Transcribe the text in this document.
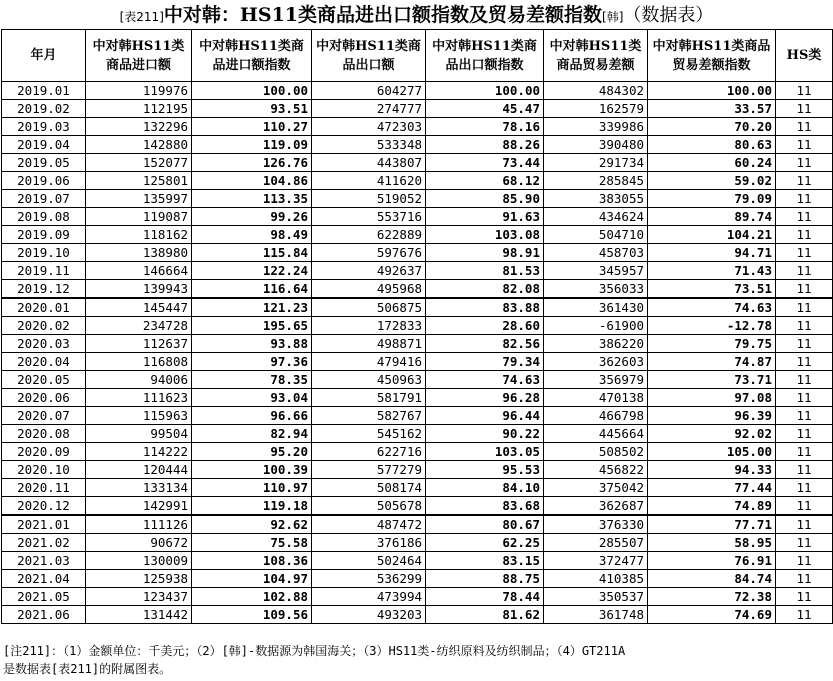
[表211]中对韩：HS11类商品进出口额指数及贸易差额指数[韩]（数据表）
年月	中对韩HS11类商品进口额	中对韩HS11类商品进口额指数	中对韩HS11类商品出口额	中对韩HS11类商品出口额指数	中对韩HS11类商品贸易差额	中对韩HS11类商品贸易差额指数	HS类
2019.01	119976	100.00	604277	100.00	484302	100.00	11
2019.02	112195	93.51	274777	45.47	162579	33.57	11
2019.03	132296	110.27	472303	78.16	339986	70.20	11
2019.04	142880	119.09	533348	88.26	390480	80.63	11
2019.05	152077	126.76	443807	73.44	291734	60.24	11
2019.06	125801	104.86	411620	68.12	285845	59.02	11
2019.07	135997	113.35	519052	85.90	383055	79.09	11
2019.08	119087	99.26	553716	91.63	434624	89.74	11
2019.09	118162	98.49	622889	103.08	504710	104.21	11
2019.10	138980	115.84	597676	98.91	458703	94.71	11
2019.11	146664	122.24	492637	81.53	345957	71.43	11
2019.12	139943	116.64	495968	82.08	356033	73.51	11
2020.01	145447	121.23	506875	83.88	361430	74.63	11
2020.02	234728	195.65	172833	28.60	-61900	-12.78	11
2020.03	112637	93.88	498871	82.56	386220	79.75	11
2020.04	116808	97.36	479416	79.34	362603	74.87	11
2020.05	94006	78.35	450963	74.63	356979	73.71	11
2020.06	111623	93.04	581791	96.28	470138	97.08	11
2020.07	115963	96.66	582767	96.44	466798	96.39	11
2020.08	99504	82.94	545162	90.22	445664	92.02	11
2020.09	114222	95.20	622716	103.05	508502	105.00	11
2020.10	120444	100.39	577279	95.53	456822	94.33	11
2020.11	133134	110.97	508174	84.10	375042	77.44	11
2020.12	142991	119.18	505678	83.68	362687	74.89	11
2021.01	111126	92.62	487472	80.67	376330	77.71	11
2021.02	90672	75.58	376186	62.25	285507	58.95	11
2021.03	130009	108.36	502464	83.15	372477	76.91	11
2021.04	125938	104.97	536299	88.75	410385	84.74	11
2021.05	123437	102.88	473994	78.44	350537	72.38	11
2021.06	131442	109.56	493203	81.62	361748	74.69	11
[注211]：（1）金额单位：千美元；（2）[韩]-数据源为韩国海关；（3）HS11类-纺织原料及纺织制品；（4）GT211A
是数据表[表211]的附属图表。
